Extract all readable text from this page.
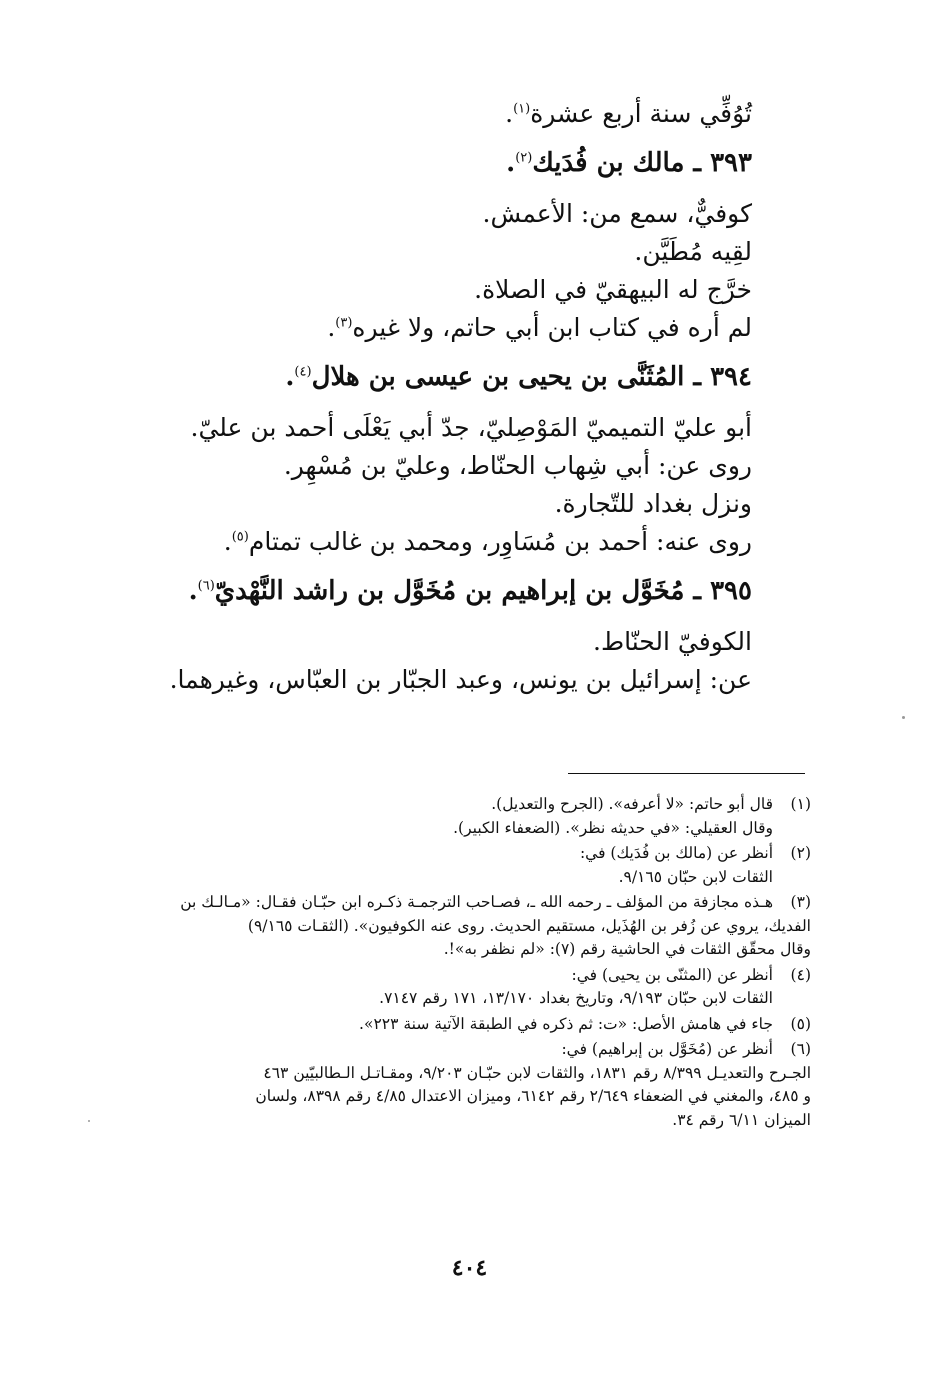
تُوُفِّي سنة أربع عشرة$^{(١)}$.
٣٩٣ ـ مالك بن فُدَيك$^{(٢)}$.
كوفيٌّ، سمع من: الأعمش.
لقِيه مُطَيَّن.
خرَّج له البيهقيّ في الصلاة.
لم أره في كتاب ابن أبي حاتم، ولا غيره$^{(٣)}$.
٣٩٤ ـ المُثَنَّى بن يحيى بن عيسى بن هلال$^{(٤)}$.
أبو عليّ التميميّ المَوْصِليّ، جدّ أبي يَعْلَى أحمد بن عليّ.
روى عن: أبي شِهاب الحنّاط، وعليّ بن مُسْهِر.
ونزل بغداد للتّجارة.
روى عنه: أحمد بن مُسَاوِر، ومحمد بن غالب تمتام$^{(٥)}$.
٣٩٥ ـ مُخَوَّل بن إبراهيم بن مُخَوَّل بن راشد النَّهْديّ$^{(٦)}$.
الكوفيّ الحنّاط.
عن: إسرائيل بن يونس، وعبد الجبّار بن العبّاس، وغيرهما.
(١)
قال أبو حاتم: «لا أعرفه». (الجرح والتعديل).
وقال العقيلي: «في حديثه نظر». (الضعفاء الكبير).
(٢)
أنظر عن (مالك بن فُدَيك) في:
الثقات لابن حبّان ٩/١٦٥.
(٣)
هـذه مجازفة من المؤلف ـ رحمه الله ـ، فصـاحب الترجمـة ذكـره ابن حبّـان فقـال: «مـالـك بن
الفديك، يروي عن زُفر بن الهُذَيل، مستقيم الحديث. روى عنه الكوفيون». (الثقـات ٩/١٦٥)
وقال محقّق الثقات في الحاشية رقم (٧): «لم نظفر به»!.
(٤)
أنظر عن (المثنّى بن يحيى) في:
الثقات لابن حبّان ٩/١٩٣، وتاريخ بغداد ١٣/١٧٠، ١٧١ رقم ٧١٤٧.
(٥)
جاء في هامش الأصل: «ت: ثم ذكره في الطبقة الآتية سنة ٢٢٣».
(٦)
أنظر عن (مُخَوَّل بن إبراهيم) في:
الجـرح والتعديـل ٨/٣٩٩ رقم ١٨٣١، والثقات لابن حبّـان ٩/٢٠٣، ومقـاتـل الـطالبيّين ٤٦٣
و ٤٨٥، والمغني في الضعفاء ٢/٦٤٩ رقم ٦١٤٢، وميزان الاعتدال ٤/٨٥ رقم ٨٣٩٨، ولسان
الميزان ٦/١١ رقم ٣٤.
٤٠٤
